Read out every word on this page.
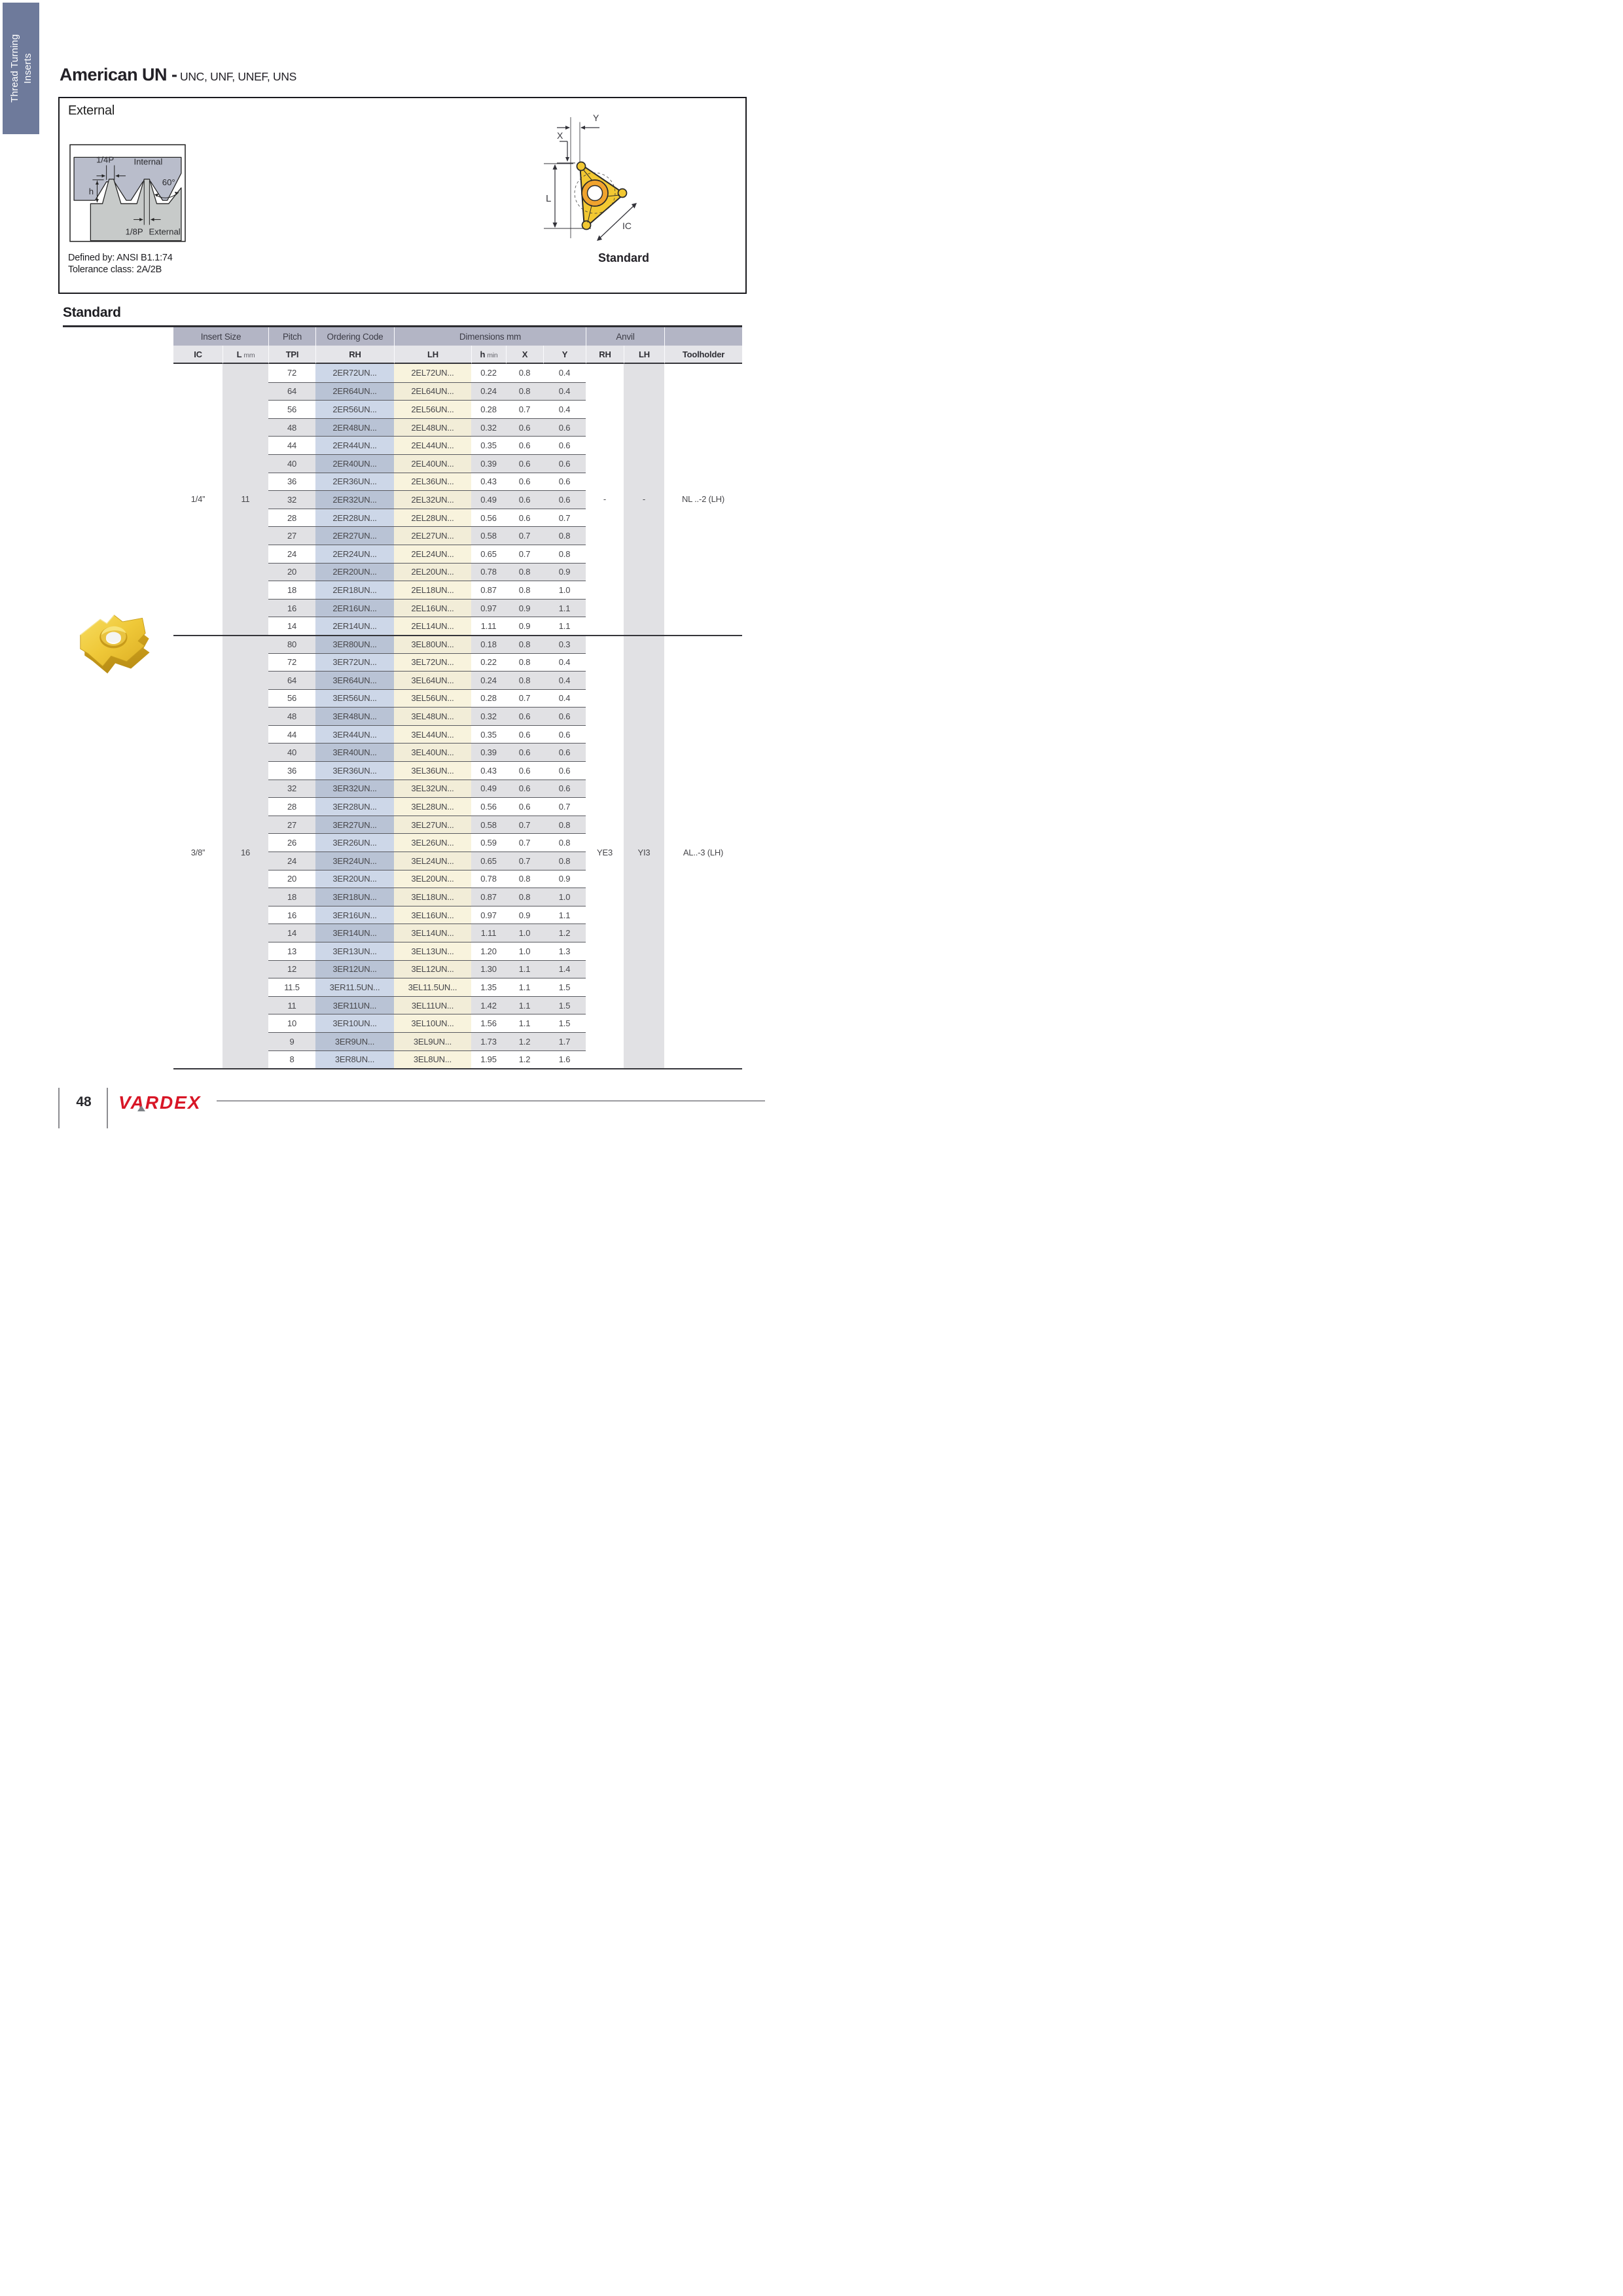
Thread Turning Inserts American UN - UNC, UNF, UNEF, UNS
External
1/4P Internal
60°
h
1/8P External
Defined by: ANSI B1.1:74
Tolerance class: 2A/2B
Y
X
L
IC
Standard
Standard
Insert Size	Pitch	Ordering Code	Dimensions mm	Anvil
IC	L mm	TPI	RH	LH	h min	X	Y	RH	LH	Toolholder
1/4”	11	-	-	NL ..-2 (LH)
72	2ER72UN...	2EL72UN...	0.22	0.8	0.4
64	2ER64UN...	2EL64UN...	0.24	0.8	0.4
56	2ER56UN...	2EL56UN...	0.28	0.7	0.4
48	2ER48UN...	2EL48UN...	0.32	0.6	0.6
44	2ER44UN...	2EL44UN...	0.35	0.6	0.6
40	2ER40UN...	2EL40UN...	0.39	0.6	0.6
36	2ER36UN...	2EL36UN...	0.43	0.6	0.6
32	2ER32UN...	2EL32UN...	0.49	0.6	0.6
28	2ER28UN...	2EL28UN...	0.56	0.6	0.7
27	2ER27UN...	2EL27UN...	0.58	0.7	0.8
24	2ER24UN...	2EL24UN...	0.65	0.7	0.8
20	2ER20UN...	2EL20UN...	0.78	0.8	0.9
18	2ER18UN...	2EL18UN...	0.87	0.8	1.0
16	2ER16UN...	2EL16UN...	0.97	0.9	1.1
14	2ER14UN...	2EL14UN...	1.11	0.9	1.1
3/8”	16	YE3	YI3	AL..-3 (LH)
80	3ER80UN...	3EL80UN...	0.18	0.8	0.3
72	3ER72UN...	3EL72UN...	0.22	0.8	0.4
64	3ER64UN...	3EL64UN...	0.24	0.8	0.4
56	3ER56UN...	3EL56UN...	0.28	0.7	0.4
48	3ER48UN...	3EL48UN...	0.32	0.6	0.6
44	3ER44UN...	3EL44UN...	0.35	0.6	0.6
40	3ER40UN...	3EL40UN...	0.39	0.6	0.6
36	3ER36UN...	3EL36UN...	0.43	0.6	0.6
32	3ER32UN...	3EL32UN...	0.49	0.6	0.6
28	3ER28UN...	3EL28UN...	0.56	0.6	0.7
27	3ER27UN...	3EL27UN...	0.58	0.7	0.8
26	3ER26UN...	3EL26UN...	0.59	0.7	0.8
24	3ER24UN...	3EL24UN...	0.65	0.7	0.8
20	3ER20UN...	3EL20UN...	0.78	0.8	0.9
18	3ER18UN...	3EL18UN...	0.87	0.8	1.0
16	3ER16UN...	3EL16UN...	0.97	0.9	1.1
14	3ER14UN...	3EL14UN...	1.11	1.0	1.2
13	3ER13UN...	3EL13UN...	1.20	1.0	1.3
12	3ER12UN...	3EL12UN...	1.30	1.1	1.4
11.5	3ER11.5UN...	3EL11.5UN...	1.35	1.1	1.5
11	3ER11UN...	3EL11UN...	1.42	1.1	1.5
10	3ER10UN...	3EL10UN...	1.56	1.1	1.5
9	3ER9UN...	3EL9UN...	1.73	1.2	1.7
8	3ER8UN...	3EL8UN...	1.95	1.2	1.6
48	VARDEX
